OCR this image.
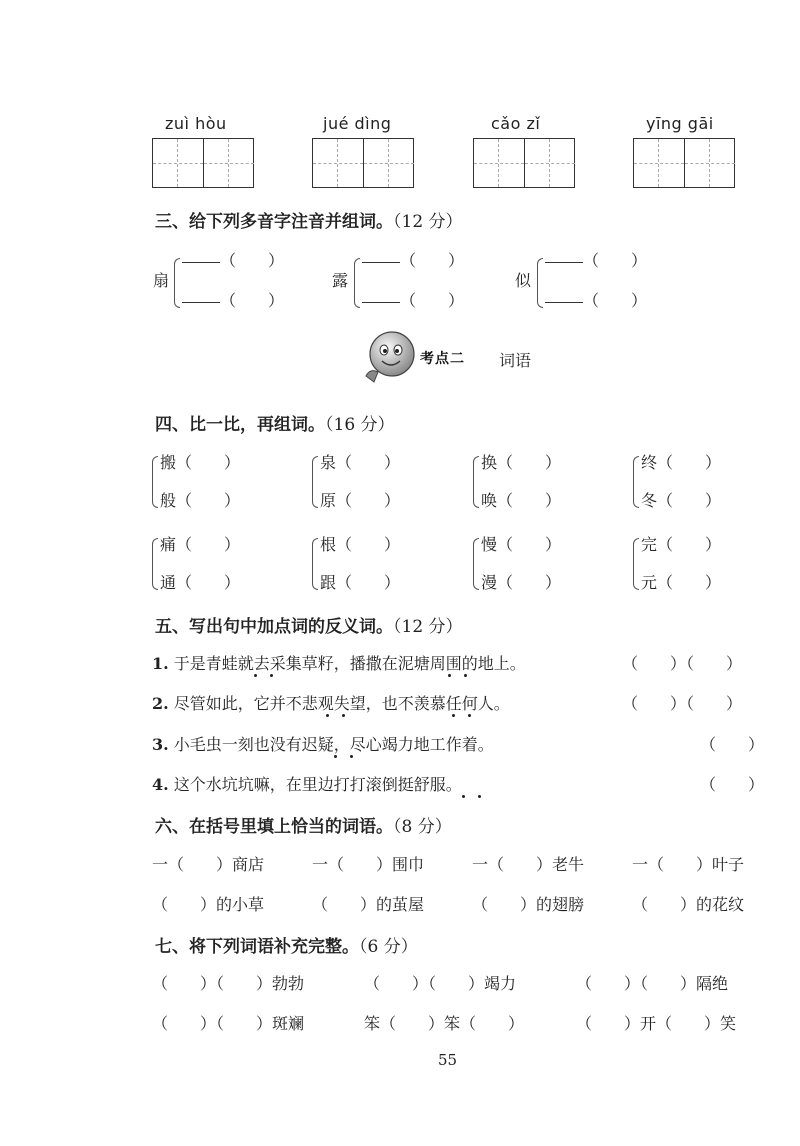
zuì hòu	jué dìng	cǎo zǐ	yīng gāi
三、给下列多音字注音并组词。（12 分）
扇
（　　）
（　　）
露
（　　）
（　　）
似
（　　）
（　　）
考点二 词语
四、比一比，再组词。（16 分）
搬（　　）
般（　　）
泉（　　）
原（　　）
换（　　）
唤（　　）
终（　　）
冬（　　）
痛（　　）
通（　　）
根（　　）
跟（　　）
慢（　　）
漫（　　）
完（　　）
元（　　）
五、写出句中加点词的反义词。（12 分）
1. 于是青蛙就去采集草籽，播撒在泥塘周围的地上。	（　　）（　　）
2. 尽管如此，它并不悲观失望，也不羡慕任何人。	（　　）（　　）
3. 小毛虫一刻也没有迟疑，尽心竭力地工作着。	（　　）
4. 这个水坑坑嘛，在里边打打滚倒挺舒服。	（　　）
六、在括号里填上恰当的词语。（8 分）
一（　　）商店	一（　　）围巾	一（　　）老牛	一（　　）叶子
（　　）的小草	（　　）的茧屋	（　　）的翅膀	（　　）的花纹
七、将下列词语补充完整。（6 分）
（　　）（　　）勃勃	（　　）（　　）竭力	（　　）（　　）隔绝
（　　）（　　）斑斓	笨（　　）笨（　　）	（　　）开（　　）笑
55
